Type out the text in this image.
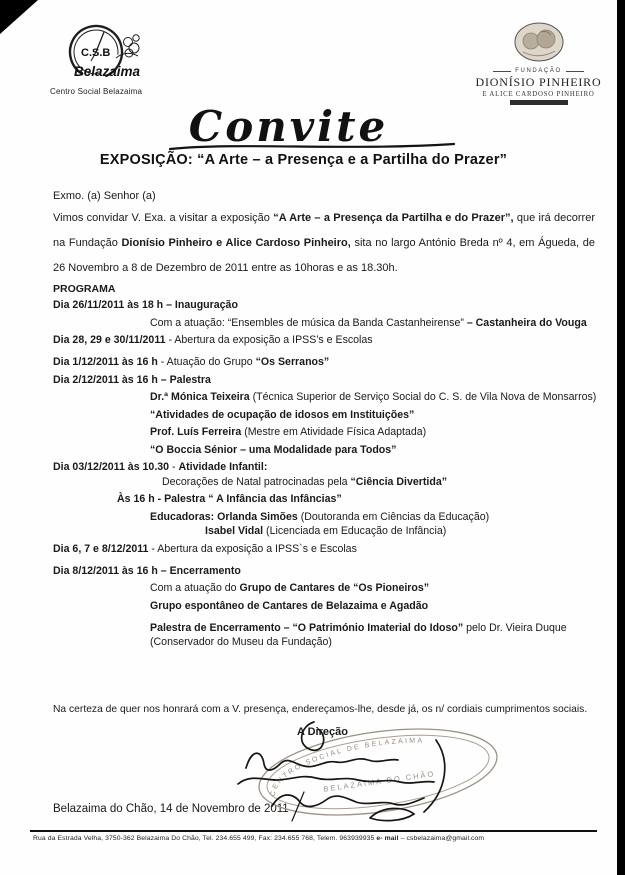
C.S.B
Belazaima
Centro Social Belazaima
FUNDAÇÃO
DIONÍSIO PINHEIRO
E ALICE CARDOSO PINHEIRO
Convite
EXPOSIÇÃO: “A Arte – a Presença e a Partilha do Prazer”
Exmo. (a) Senhor (a)

Vimos convidar V. Exa. a visitar a exposição “A Arte – a Presença da Partilha e do Prazer”, que irá decorrer na Fundação Dionísio Pinheiro e Alice Cardoso Pinheiro, sita no largo António Breda nº 4, em Águeda, de 26 Novembro a 8 de Dezembro de 2011 entre as 10horas e as 18.30h.

PROGRAMA
Dia 26/11/2011 às 18 h – Inauguração
Com a atuação: “Ensembles de música da Banda Castanheirense” – Castanheira do Vouga
Dia 28, 29 e 30/11/2011 - Abertura da exposição a IPSS’s e Escolas
Dia 1/12/2011 às 16 h - Atuação do Grupo “Os Serranos”
Dia 2/12/2011 às 16 h – Palestra
Dr.ª Mónica Teixeira (Técnica Superior de Serviço Social do C. S. de Vila Nova de Monsarros)
“Atividades de ocupação de idosos em Instituições”
Prof. Luís Ferreira (Mestre em Atividade Física Adaptada)
“O Boccia Sénior – uma Modalidade para Todos”
Dia 03/12/2011 às 10.30 - Atividade Infantil:
Decorações de Natal patrocinadas pela “Ciência Divertida”
Às 16 h - Palestra “ A Infância das Infâncias”
Educadoras: Orlanda Simões (Doutoranda em Ciências da Educação)
Isabel Vidal (Licenciada em Educação de Infância)
Dia 6, 7 e 8/12/2011 - Abertura da exposição a IPSS`s e Escolas
Dia 8/12/2011 às 16 h – Encerramento
Com a atuação do Grupo de Cantares de “Os Pioneiros”
Grupo espontâneo de Cantares de Belazaima e Agadão
Palestra de Encerramento – “O Património Imaterial do Idoso” pelo Dr. Vieira Duque
(Conservador do Museu da Fundação)
Na certeza de quer nos honrará com a V. presença, endereçamos-lhe, desde já, os n/ cordiais cumprimentos sociais.
A Direção
CENTRO SOCIAL DE BELAZAIMA
BELAZAIMA DO CHÃO
Belazaima do Chão, 14 de Novembro de 2011
Rua da Estrada Velha, 3750-362 Belazaima Do Chão, Tel. 234.655 499, Fax: 234.655 768, Telem. 963939935 e- mail – csbelazaima@gmail.com
